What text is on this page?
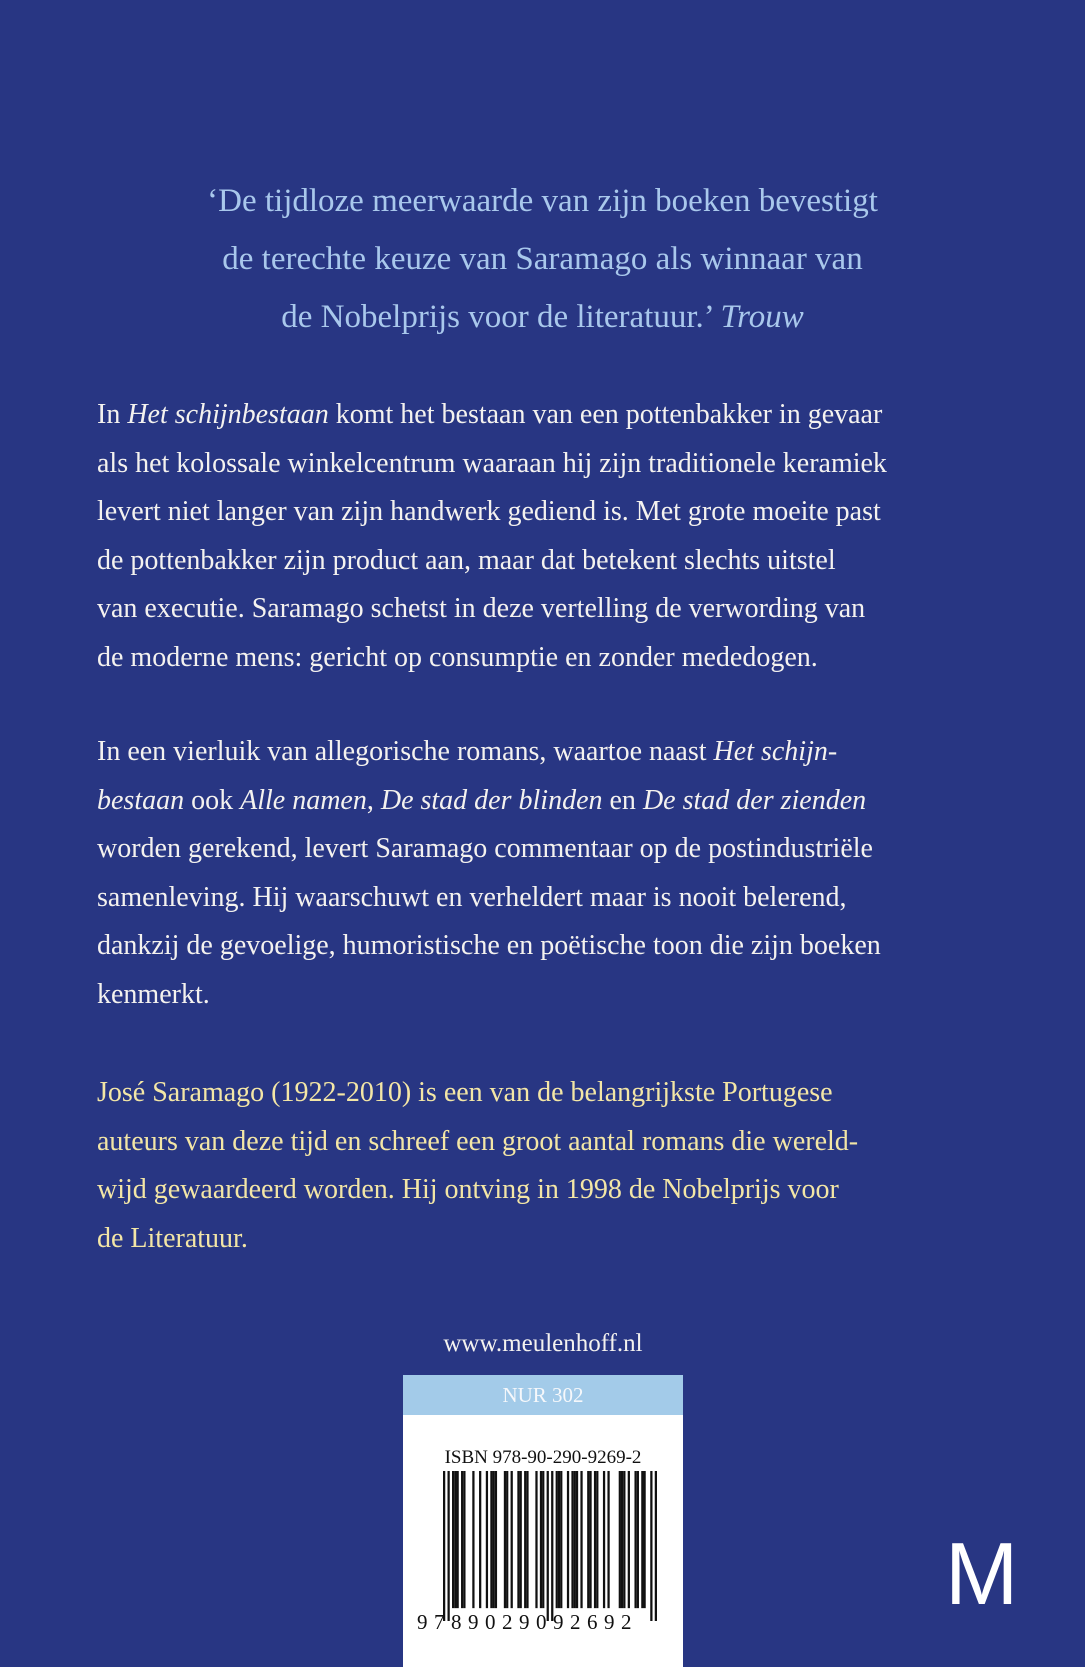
‘De tijdloze meerwaarde van zijn boeken bevestigt
de terechte keuze van Saramago als winnaar van
de Nobelprijs voor de literatuur.’ Trouw
In Het schijnbestaan komt het bestaan van een pottenbakker in gevaar
als het kolossale winkelcentrum waaraan hij zijn traditionele keramiek
levert niet langer van zijn handwerk gediend is. Met grote moeite past
de pottenbakker zijn product aan, maar dat betekent slechts uitstel
van executie. Saramago schetst in deze vertelling de verwording van
de moderne mens: gericht op consumptie en zonder mededogen.
In een vierluik van allegorische romans, waartoe naast Het schijn-
bestaan ook Alle namen, De stad der blinden en De stad der zienden
worden gerekend, levert Saramago commentaar op de postindustriële
samenleving. Hij waarschuwt en verheldert maar is nooit belerend,
dankzij de gevoelige, humoristische en poëtische toon die zijn boeken
kenmerkt.
José Saramago (1922-2010) is een van de belangrijkste Portugese
auteurs van deze tijd en schreef een groot aantal romans die wereld-
wijd gewaardeerd worden. Hij ontving in 1998 de Nobelprijs voor
de Literatuur.
www.meulenhoff.nl
NUR 302
ISBN 978-90-290-9269-2
9789029092692	M
